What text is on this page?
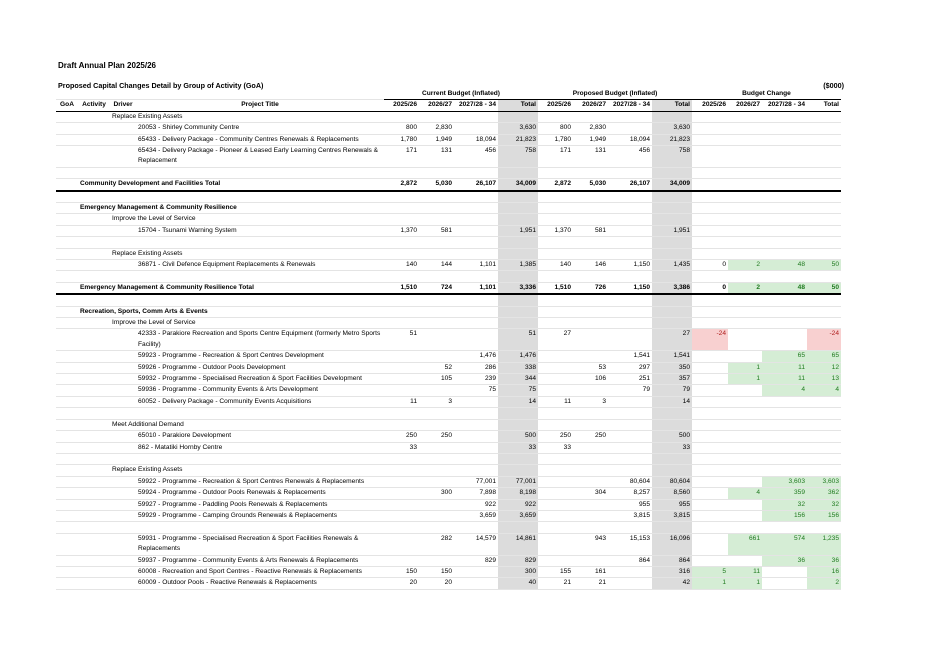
Draft Annual Plan 2025/26
Proposed Capital Changes Detail by Group of Activity (GoA)	($000)
				Current Budget (Inflated)				Proposed Budget (Inflated)				Budget Change			
GoA	Activity	Driver	Project Title	2025/26	2026/27	2027/28 - 34	Total	2025/26	2026/27	2027/28 - 34	Total	2025/26	2026/27	2027/28 - 34	Total
		Replace Existing Assets													
			20053 - Shirley Community Centre	800	2,830		3,630	800	2,830		3,630				
			65433 - Delivery Package - Community Centres Renewals & Replacements	1,780	1,949	18,094	21,823	1,780	1,949	18,094	21,823				
			65434 - Delivery Package - Pioneer & Leased Early Learning Centres Renewals & Replacement	171	131	456	758	171	131	456	758				

	Community Development and Facilities Total			2,872	5,030	26,107	34,009	2,872	5,030	26,107	34,009				

	Emergency Management & Community Resilience														
		Improve the Level of Service													
			15704 - Tsunami Warning System	1,370	581		1,951	1,370	581		1,951				

		Replace Existing Assets													
			36871 - Civil Defence Equipment Replacements & Renewals	140	144	1,101	1,385	140	146	1,150	1,435	0	2	48	50

	Emergency Management & Community Resilience Total			1,510	724	1,101	3,336	1,510	726	1,150	3,386	0	2	48	50

	Recreation, Sports, Comm Arts & Events														
		Improve the Level of Service													
			42333 - Parakiore Recreation and Sports Centre Equipment (formerly Metro Sports Facility)	51			51	27			27	-24			-24
			59923 - Programme - Recreation & Sport Centres Development			1,476	1,476			1,541	1,541			65	65
			59926 - Programme - Outdoor Pools Development		52	286	338		53	297	350		1	11	12
			59932 - Programme - Specialised Recreation & Sport Facilities Development		105	239	344		106	251	357		1	11	13
			59936 - Programme - Community Events & Arts Development			75	75			79	79			4	4
			60052 - Delivery Package - Community Events Acquisitions	11	3		14	11	3		14				

		Meet Additional Demand													
			65010 - Parakiore Development	250	250		500	250	250		500				
			862 - Matatiki Hornby Centre	33			33	33			33				

		Replace Existing Assets													
			59922 - Programme - Recreation & Sport Centres Renewals & Replacements			77,001	77,001			80,604	80,604			3,603	3,603
			59924 - Programme - Outdoor Pools Renewals & Replacements		300	7,898	8,198		304	8,257	8,560		4	359	362
			59927 - Programme - Paddling Pools Renewals & Replacements			922	922			955	955			32	32
			59929 - Programme - Camping Grounds Renewals & Replacements			3,659	3,659			3,815	3,815			156	156

			59931 - Programme - Specialised Recreation & Sport Facilities Renewals & Replacements		282	14,579	14,861		943	15,153	16,096		661	574	1,235
			59937 - Programme - Community Events & Arts Renewals & Replacements			829	829			864	864			36	36
			60008 - Recreation and Sport Centres - Reactive Renewals & Replacements	150	150		300	155	161		316	5	11		16
			60009 - Outdoor Pools - Reactive Renewals & Replacements	20	20		40	21	21		42	1	1		2
